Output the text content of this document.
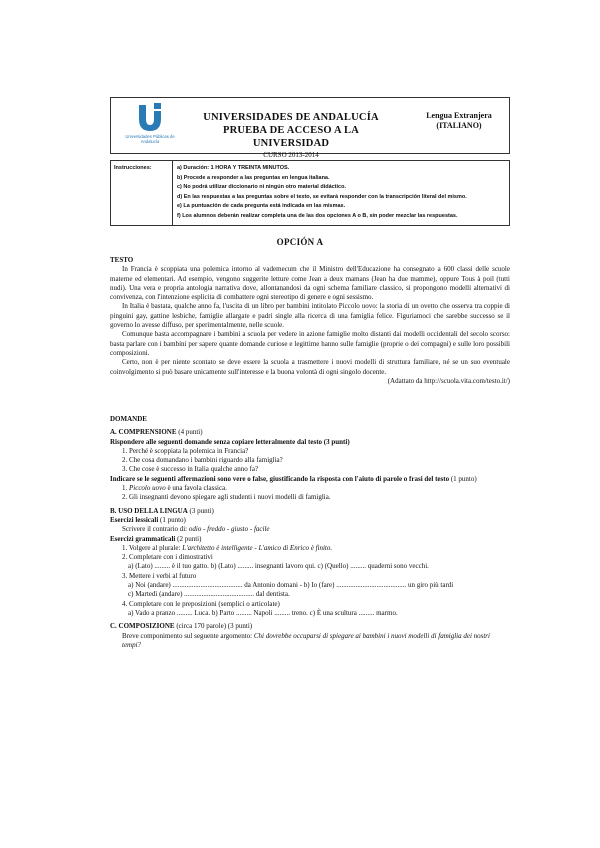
Universidades Públicas de Andalucía
UNIVERSIDADES DE ANDALUCÍA
PRUEBA DE ACCESO A LA UNIVERSIDAD
CURSO 2013-2014
Lengua Extranjera
(ITALIANO)
Instrucciones:	a) Duración: 1 HORA Y TREINTA MINUTOS.
b) Procede a responder a las preguntas en lengua italiana.
c) No podrá utilizar diccionario ni ningún otro material didáctico.
d) En las respuestas a las preguntas sobre el texto, se evitará responder con la transcripción literal del mismo.
e) La puntuación de cada pregunta está indicada en las mismas.
f) Los alumnos deberán realizar completa una de las dos opciones A o B, sin poder mezclar las respuestas.
OPCIÓN A
TESTO

In Francia è scoppiata una polemica intorno al vademecum che il Ministro dell'Educazione ha consegnato a 600 classi delle scuole materne ed elementari. Ad esempio, vengono suggerite letture come Jean a deux mamans (Jean ha due mamme), oppure Tous à poil (tutti nudi). Una vera e propria antologia narrativa dove, allontanandosi da ogni schema familiare classico, si propongono modelli alternativi di convivenza, con l'intenzione esplicita di combattere ogni stereotipo di genere e ogni sessismo.

In Italia è bastata, qualche anno fa, l'uscita di un libro per bambini intitolato Piccolo uovo: la storia di un ovetto che osserva tra coppie di pinguini gay, gattine lesbiche, famiglie allargate e padri single alla ricerca di una famiglia felice. Figuriamoci che sarebbe successo se il governo lo avesse diffuso, per sperimentalmente, nelle scuole.

Comunque basta accompagnare i bambini a scuola per vedere in azione famiglie molto distanti dai modelli occidentali del secolo scorso: basta parlare con i bambini per sapere quante domande curiose e legittime hanno sulle famiglie (proprie o dei compagni) e sulle loro possibili composizioni.

Certo, non è per niente scontato se deve essere la scuola a trasmettere i nuovi modelli di struttura familiare, né se un suo eventuale coinvolgimento si può basare unicamente sull'interesse e la buona volontà di ogni singolo docente.

(Adattato da http://scuola.vita.com/testo.it/)

DOMANDE

A. COMPRENSIONE (4 punti)

Rispondere alle seguenti domande senza copiare letteralmente dal testo (3 punti)

1. Perché è scoppiata la polemica in Francia?

2. Che cosa domandano i bambini riguardo alla famiglia?

3. Che cose è successo in Italia qualche anno fa?

Indicare se le seguenti affermazioni sono vere o false, giustificando la risposta con l'aiuto di parole o frasi del testo (1 punto)

1. Piccolo uovo è una favola classica.

2. Gli insegnanti devono spiegare agli studenti i nuovi modelli di famiglia.

B. USO DELLA LINGUA (3 punti)

Esercizi lessicali (1 punto)

Scrivere il contrario di: odio - freddo - giusto - facile

Esercizi grammaticali (2 punti)

1. Volgere al plurale: L'architetto è intelligente - L'amico di Enrico è finito.

2. Completare con i dimostrativi

a) (Lato) ......... è il tuo gatto. b) (Lato) ......... insegnanti lavoro qui. c) (Quello) ......... quaderni sono vecchi.

3. Mettere i verbi al futuro

a) Noi (andare) ........................................ da Antonio domani - b) Io (fare) ........................................ un giro più tardi

c) Martedì (andare) ........................................ dal dentista.

4. Completare con le preposizioni (semplici o articolate)

a) Vado a pranzo ......... Luca. b) Parto ......... Napoli ......... treno. c) È una scultura ......... marmo.

C. COMPOSIZIONE (circa 170 parole) (3 punti)

Breve componimento sul seguente argomento: Chi dovrebbe occuparsi di spiegare ai bambini i nuovi modelli di famiglia dei nostri tempi?
